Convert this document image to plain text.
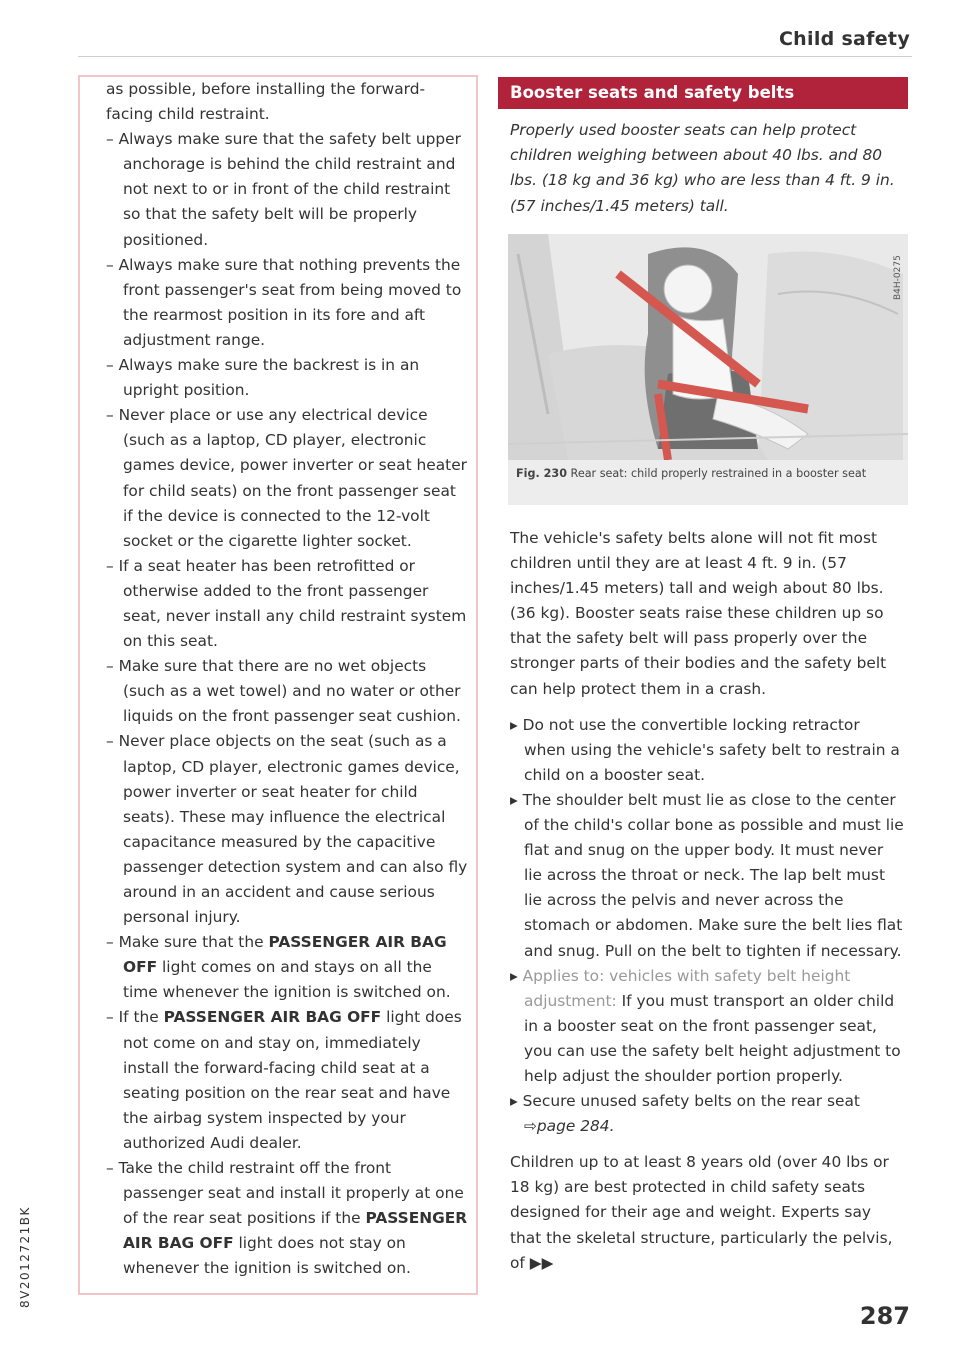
Child safety

as possible, before installing the forward-facing child restraint.

– Always make sure that the safety belt upper anchorage is behind the child restraint and not next to or in front of the child restraint so that the safety belt will be properly positioned.

– Always make sure that nothing prevents the front passenger's seat from being moved to the rearmost position in its fore and aft adjustment range.

– Always make sure the backrest is in an upright position.

– Never place or use any electrical device (such as a laptop, CD player, electronic games device, power inverter or seat heater for child seats) on the front passenger seat if the device is connected to the 12-volt socket or the cigarette lighter socket.

– If a seat heater has been retrofitted or otherwise added to the front passenger seat, never install any child restraint system on this seat.

– Make sure that there are no wet objects (such as a wet towel) and no water or other liquids on the front passenger seat cushion.

– Never place objects on the seat (such as a laptop, CD player, electronic games device, power inverter or seat heater for child seats). These may influence the electrical capacitance measured by the capacitive passenger detection system and can also fly around in an accident and cause serious personal injury.

– Make sure that the PASSENGER AIR BAG OFF light comes on and stays on all the time whenever the ignition is switched on.

– If the PASSENGER AIR BAG OFF light does not come on and stay on, immediately install the forward-facing child seat at a seating position on the rear seat and have the airbag system inspected by your authorized Audi dealer.

– Take the child restraint off the front passenger seat and install it properly at one of the rear seat positions if the PASSENGER AIR BAG OFF light does not stay on whenever the ignition is switched on.

8V2012721BK
Booster seats and safety belts

Properly used booster seats can help protect children weighing between about 40 lbs. and 80 lbs. (18 kg and 36 kg) who are less than 4 ft. 9 in. (57 inches/1.45 meters) tall.

B4H-0275

Fig. 230 Rear seat: child properly restrained in a booster seat

The vehicle's safety belts alone will not fit most children until they are at least 4 ft. 9 in. (57 inches/1.45 meters) tall and weigh about 80 lbs. (36 kg). Booster seats raise these children up so that the safety belt will pass properly over the stronger parts of their bodies and the safety belt can help protect them in a crash.

▸ Do not use the convertible locking retractor when using the vehicle's safety belt to restrain a child on a booster seat.

▸ The shoulder belt must lie as close to the center of the child's collar bone as possible and must lie flat and snug on the upper body. It must never lie across the throat or neck. The lap belt must lie across the pelvis and never across the stomach or abdomen. Make sure the belt lies flat and snug. Pull on the belt to tighten if necessary.

▸ Applies to: vehicles with safety belt height adjustment: If you must transport an older child in a booster seat on the front passenger seat, you can use the safety belt height adjustment to help adjust the shoulder portion properly.

▸ Secure unused safety belts on the rear seat ⇨page 284.

Children up to at least 8 years old (over 40 lbs or 18 kg) are best protected in child safety seats designed for their age and weight. Experts say that the skeletal structure, particularly the pelvis, of ▶▶

287
